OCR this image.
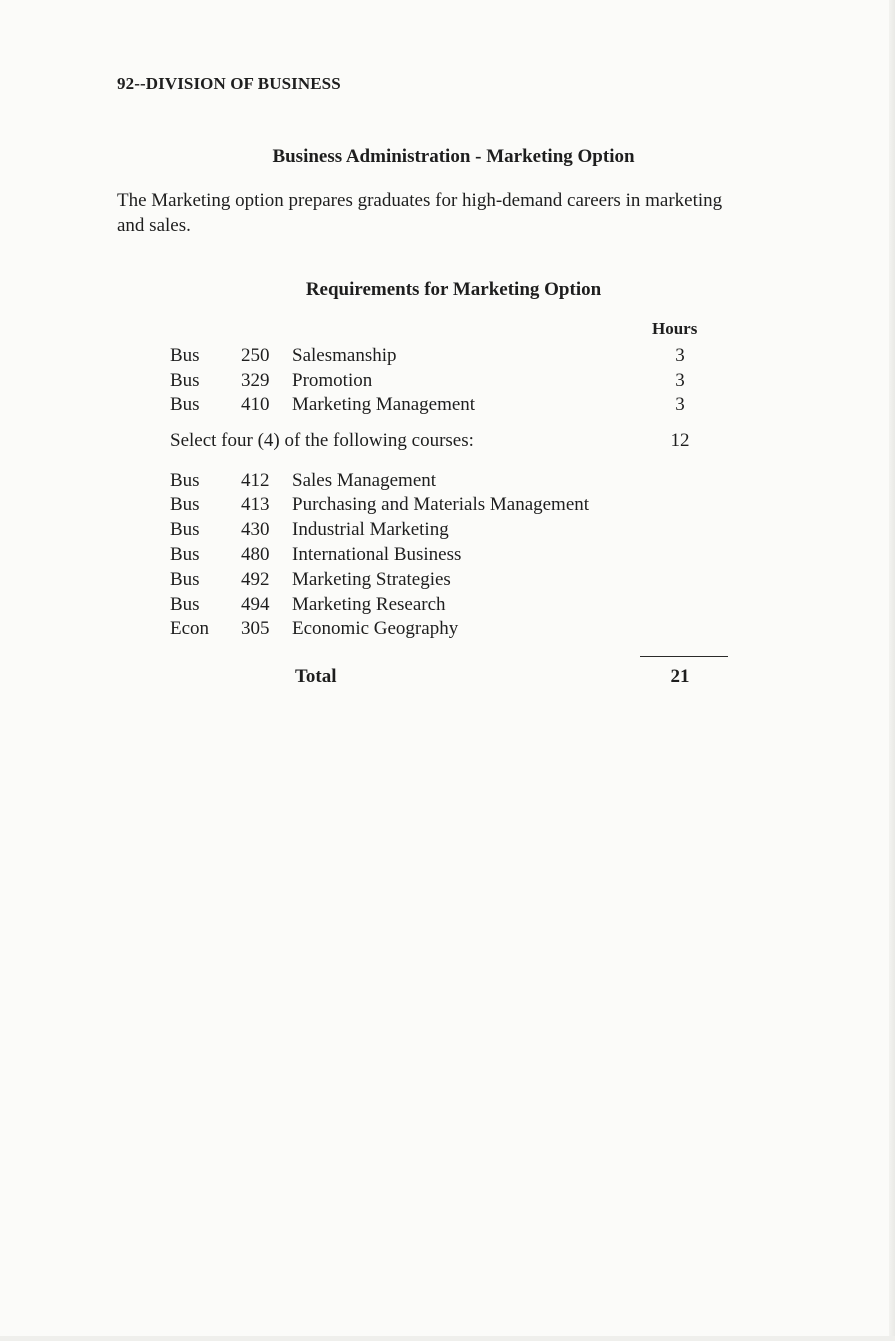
92--DIVISION OF BUSINESS
Business Administration - Marketing Option
The Marketing option prepares graduates for high-demand careers in marketing
and sales.
Requirements for Marketing Option
Hours
Bus 250 Salesmanship	3
Bus 329 Promotion	3
Bus 410 Marketing Management	3
Select four (4) of the following courses:	12
Bus 412 Sales Management
Bus 413 Purchasing and Materials Management
Bus 430 Industrial Marketing
Bus 480 International Business
Bus 492 Marketing Strategies
Bus 494 Marketing Research
Econ 305 Economic Geography
Total	21
